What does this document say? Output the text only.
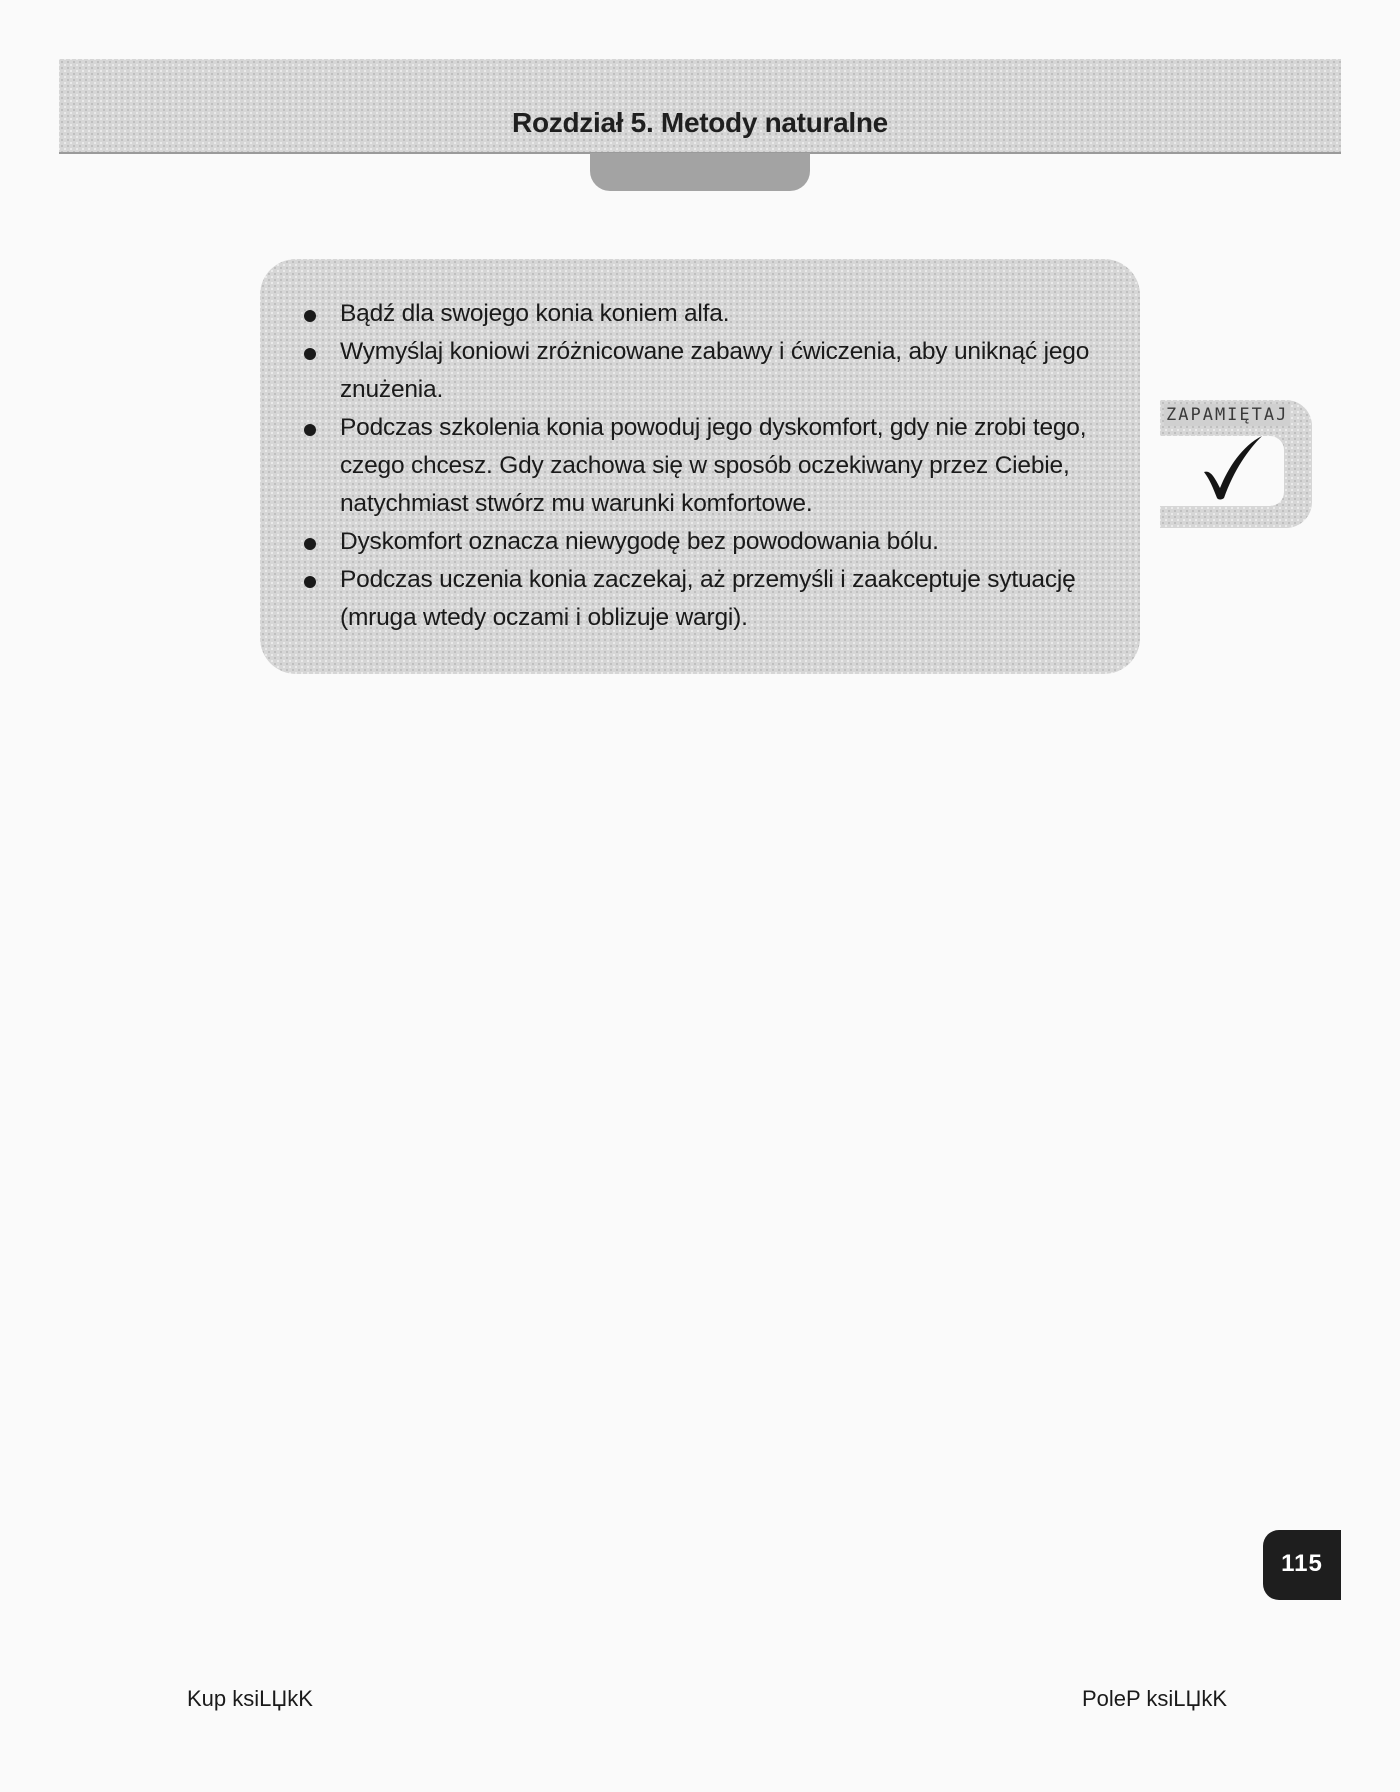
Rozdział 5. Metody naturalne
Bądź dla swojego konia koniem alfa.
Wymyślaj koniowi zróżnicowane zabawy i ćwiczenia, aby uniknąć jego znużenia.
Podczas szkolenia konia powoduj jego dyskomfort, gdy nie zrobi tego, czego chcesz. Gdy zachowa się w sposób oczekiwany przez Ciebie, natychmiast stwórz mu warunki komfortowe.
Dyskomfort oznacza niewygodę bez powodowania bólu.
Podczas uczenia konia zaczekaj, aż przemyśli i zaakceptuje sytuację (mruga wtedy oczami i oblizuje wargi).
ZAPAMIĘTAJ
115
Kup ksiLЏkK	PoleP ksiLЏkK
